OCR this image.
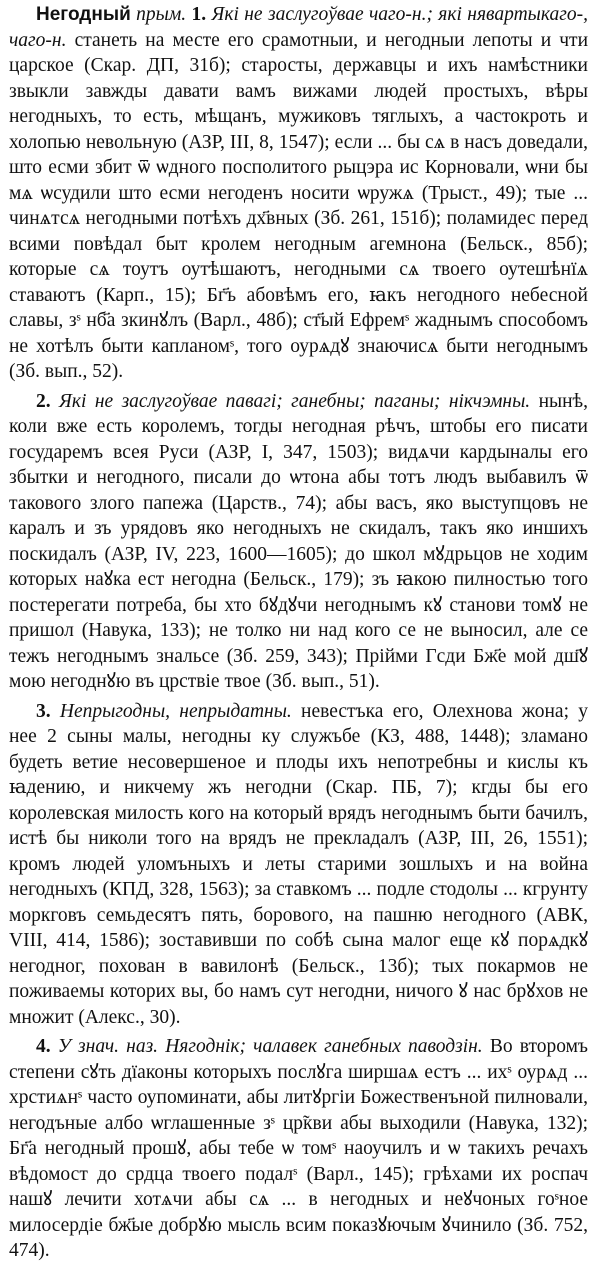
Негодный прым. 1. Які не заслугоўвае чаго-н.; які нявартыкаго-, чаго-н. станеть на месте его срамотныи, и негодныи лепоты и чти царское (Скар. ДП, 31б); старосты, державцы и ихъ намѣстники звыкли завжды давати вамъ вижами людей простыхъ, вѣры негодныхъ, то есть, мѣщанъ, мужиковъ тяглыхъ, а частокроть и холопью невольную (АЗР, III, 8, 1547); если ... бы сѧ в насъ доведали, што есми збит ѿ ѡдного посполитого рыцэра ис Корновали, ѡни бы мѧ ѡсудили што есми негоденъ носити ѡружѧ (Трыст., 49); тые ... чинѧтсѧ негодными потѣхъ дх҃вных (Зб. 261, 151б); поламидес перед всими повѣдал быт кролем негодным агемнона (Бельск., 85б); которые сѧ тоутъ оутѣшаютъ, негодными сѧ твоего оутешѣнїѧ ставаютъ (Карп., 15); Бг҃ъ абовѣмъ его, ꙗкъ негодного небесной славы, зˢ нб҃а зкинꙋлъ (Варл., 48б); ст҃ый Ефремˢ жаднымъ способомъ не хотѣлъ быти капланомˢ, того оурѧдꙋ знаючисѧ быти негоднымъ (Зб. вып., 52).

2. Які не заслугоўвае павагі; ганебны; паганы; нікчэмны. нынѣ, коли вже есть королемъ, тогды негодная рѣчъ, штобы его писати государемъ всея Руси (АЗР, I, 347, 1503); видѧчи кардыналы его збытки и негодного, писали до ѡтона абы тотъ людъ выбавилъ ѿ таковогo злого папежа (Царств., 74); абы васъ, яко выступцовъ не каралъ и зъ урядовъ яко негодныхъ не скидалъ, такъ яко иншихъ поскидалъ (АЗР, IV, 223, 1600—1605); до школ мꙋдрьцов не ходим которых наꙋка ест негодна (Бельск., 179); зъ ꙗкою пилностью того постерегати потреба, бы хто бꙋдꙋчи негоднымъ кꙋ станови томꙋ не пришол (Навука, 133); не толко ни над кого се не выносил, але се тежъ негоднымъ знальсе (Зб. 259, 343); Прійми Гсди Бж҃е мой дш҃ꙋ мою негоднꙋю въ црствіе твое (Зб. вып., 51).

3. Непрыгодны, непрыдатны. невестъка его, Олехнова жона; у нее 2 сыны малы, негодны ку служъбе (КЗ, 488, 1448); зламано будеть ветие несовершеное и плоды ихъ непотребны и кислы къ ꙗдению, и никчему жъ негодни (Скар. ПБ, 7); кгды бы его королевская милость кого на который врядъ негоднымъ быти бачилъ, истѣ бы николи того на врядъ не прекладалъ (АЗР, III, 26, 1551); кромъ людей уломъныхъ и леты старими зошлыхъ и на война негодныхъ (КПД, 328, 1563); за ставкомъ ... подле стодолы ... кгрунту моркговъ семьдесятъ пять, борового, на пашню негодного (АВК, VIII, 414, 1586); зоставивши по собѣ сына малог еще кꙋ порѧдкꙋ негодног, похован в вавилонѣ (Бельск., 13б); тых покармов не поживаемы которих вы, бо намъ сут негодни, ничого ꙋ нас брꙋхов не множит (Алекс., 30).

4. У знач. наз. Нягоднік; чалавек ганебных паводзін. Во второмъ степени сꙋть дїаконы которыхъ послꙋга ширшаѧ естъ ... ихˢ оурѧд ... хрстиѧнˢ часто оупоминати, абы литꙋргіи Божественъной пилновали, негодъные албо ѡглашенные зˢ цр̃кви абы выходили (Навука, 132); Бг҃а негодный прошꙋ, абы тебе ѡ томˢ наоучилъ и ѡ такихъ речахъ вѣдомост до срдца твоего подалˢ (Варл., 145); грѣхами их роспач нашꙋ лечити хотѧчи абы сѧ ... в негодных и неꙋчоных гоˢное милосердіе бж҃ые добрꙋю мысль всим показꙋючым ꙋчинило (Зб. 752, 474).
